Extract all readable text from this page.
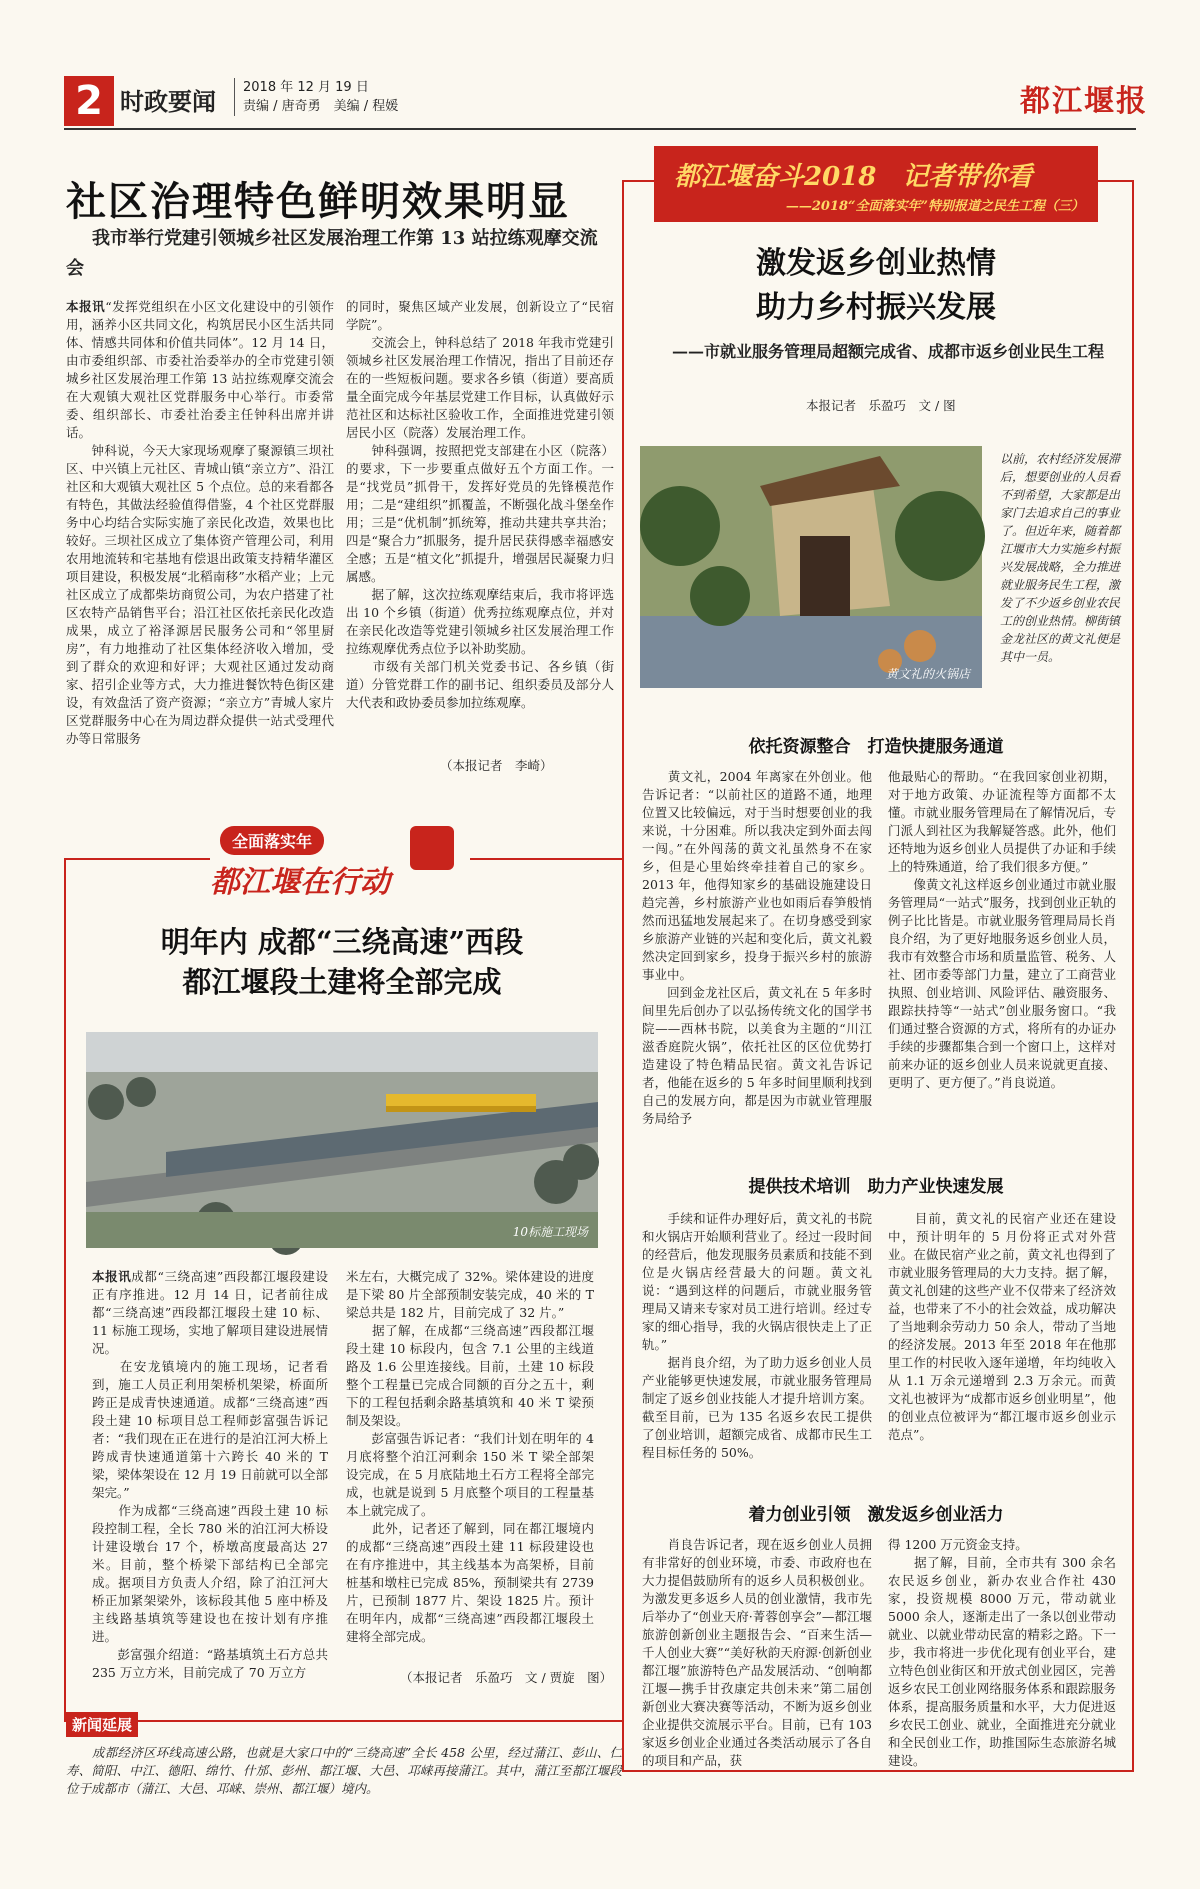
2 时政要闻
2018 年 12 月 19 日
责编 / 唐奇勇　美编 / 程媛	都江堰报
社区治理特色鲜明效果明显
我市举行党建引领城乡社区发展治理工作第 13 站拉练观摩交流会
本报讯“发挥党组织在小区文化建设中的引领作用，涵养小区共同文化，构筑居民小区生活共同体、情感共同体和价值共同体”。12 月 14 日，由市委组织部、市委社治委举办的全市党建引领城乡社区发展治理工作第 13 站拉练观摩交流会在大观镇大观社区党群服务中心举行。市委常委、组织部长、市委社治委主任钟科出席并讲话。
　　钟科说，今天大家现场观摩了聚源镇三坝社区、中兴镇上元社区、青城山镇“亲立方”、沿江社区和大观镇大观社区 5 个点位。总的来看都各有特色，其做法经验值得借鉴，4 个社区党群服务中心均结合实际实施了亲民化改造，效果也比较好。三坝社区成立了集体资产管理公司，利用农用地流转和宅基地有偿退出政策支持精华灌区项目建设，积极发展“北稻南移”水稻产业；上元社区成立了成都柴坊商贸公司，为农户搭建了社区农特产品销售平台；沿江社区依托亲民化改造成果，成立了裕泽源居民服务公司和“邻里厨房”，有力地推动了社区集体经济收入增加，受到了群众的欢迎和好评；大观社区通过发动商家、招引企业等方式，大力推进餐饮特色街区建设，有效盘活了资产资源；“亲立方”青城人家片区党群服务中心在为周边群众提供一站式受理代办等日常服务
的同时，聚焦区域产业发展，创新设立了“民宿学院”。
　　交流会上，钟科总结了 2018 年我市党建引领城乡社区发展治理工作情况，指出了目前还存在的一些短板问题。要求各乡镇（街道）要高质量全面完成今年基层党建工作目标，认真做好示范社区和达标社区验收工作，全面推进党建引领居民小区（院落）发展治理工作。
　　钟科强调，按照把党支部建在小区（院落）的要求，下一步要重点做好五个方面工作。一是“找党员”抓骨干，发挥好党员的先锋模范作用；二是“建组织”抓覆盖，不断强化战斗堡垒作用；三是“优机制”抓统筹，推动共建共享共治；四是“聚合力”抓服务，提升居民获得感幸福感安全感；五是“植文化”抓提升，增强居民凝聚力归属感。
　　据了解，这次拉练观摩结束后，我市将评选出 10 个乡镇（街道）优秀拉练观摩点位，并对在亲民化改造等党建引领城乡社区发展治理工作拉练观摩优秀点位予以补助奖励。
　　市级有关部门机关党委书记、各乡镇（街道）分管党群工作的副书记、组织委员及部分人大代表和政协委员参加拉练观摩。
（本报记者　李崎）
全面落实年
都江堰在行动
明年内 成都“三绕高速”西段
都江堰段土建将全部完成
10标施工现场
本报讯成都“三绕高速”西段都江堰段建设正有序推进。12 月 14 日，记者前往成都“三绕高速”西段都江堰段土建 10 标、11 标施工现场，实地了解项目建设进展情况。
　　在安龙镇境内的施工现场，记者看到，施工人员正利用架桥机架梁，桥面所跨正是成青快速通道。成都“三绕高速”西段土建 10 标项目总工程师彭富强告诉记者：“我们现在正在进行的是泊江河大桥上跨成青快速通道第十六跨长 40 米的 T 梁，梁体架设在 12 月 19 日前就可以全部架完。”
　　作为成都“三绕高速”西段土建 10 标段控制工程，全长 780 米的泊江河大桥设计建设墩台 17 个，桥墩高度最高达 27 米。目前，整个桥梁下部结构已全部完成。据项目方负责人介绍，除了泊江河大桥正加紧架梁外，该标段其他 5 座中桥及主线路基填筑等建设也在按计划有序推进。
　　彭富强介绍道：“路基填筑土石方总共 235 万立方米，目前完成了 70 万立方
米左右，大概完成了 32%。梁体建设的进度是下梁 80 片全部预制安装完成，40 米的 T 梁总共是 182 片，目前完成了 32 片。”
　　据了解，在成都“三绕高速”西段都江堰段土建 10 标段内，包含 7.1 公里的主线道路及 1.6 公里连接线。目前，土建 10 标段整个工程量已完成合同额的百分之五十，剩下的工程包括剩余路基填筑和 40 米 T 梁预制及架设。
　　彭富强告诉记者：“我们计划在明年的 4 月底将整个泊江河剩余 150 米 T 梁全部架设完成，在 5 月底陆地土石方工程将全部完成，也就是说到 5 月底整个项目的工程量基本上就完成了。
　　此外，记者还了解到，同在都江堰境内的成都“三绕高速”西段土建 11 标段建设也在有序推进中，其主线基本为高架桥，目前桩基和墩柱已完成 85%，预制梁共有 2739 片，已预制 1877 片、架设 1825 片。预计在明年内，成都“三绕高速”西段都江堰段土建将全部完成。
（本报记者　乐盈巧　文 / 贾旋　图）
新闻延展
成都经济区环线高速公路，也就是大家口中的“三绕高速”全长 458 公里，经过蒲江、彭山、仁寿、简阳、中江、德阳、绵竹、什邡、彭州、都江堰、大邑、邛崃再接蒲江。其中，蒲江至都江堰段位于成都市（蒲江、大邑、邛崃、崇州、都江堰）境内。
都江堰奋斗2018　记者带你看
——2018“全面落实年”特别报道之民生工程（三）
激发返乡创业热情
助力乡村振兴发展
——市就业服务管理局超额完成省、成都市返乡创业民生工程
本报记者　乐盈巧　文 / 图
黄文礼的火锅店
以前，农村经济发展滞后，想要创业的人员看不到希望，大家都是出家门去追求自己的事业了。但近年来，随着都江堰市大力实施乡村振兴发展战略，全力推进就业服务民生工程，激发了不少返乡创业农民工的创业热情。柳街镇金龙社区的黄文礼便是其中一员。
依托资源整合　打造快捷服务通道
　　黄文礼，2004 年离家在外创业。他告诉记者：“以前社区的道路不通，地理位置又比较偏远，对于当时想要创业的我来说，十分困难。所以我决定到外面去闯一闯。”在外闯荡的黄文礼虽然身不在家乡，但是心里始终牵挂着自己的家乡。2013 年，他得知家乡的基础设施建设日趋完善，乡村旅游产业也如雨后春笋般悄然而迅猛地发展起来了。在切身感受到家乡旅游产业链的兴起和变化后，黄文礼毅然决定回到家乡，投身于振兴乡村的旅游事业中。
　　回到金龙社区后，黄文礼在 5 年多时间里先后创办了以弘扬传统文化的国学书院——西林书院，以美食为主题的“川江滋香庭院火锅”，依托社区的区位优势打造建设了特色精品民宿。黄文礼告诉记者，他能在返乡的 5 年多时间里顺利找到自己的发展方向，都是因为市就业管理服务局给予
他最贴心的帮助。“在我回家创业初期，对于地方政策、办证流程等方面都不太懂。市就业服务管理局在了解情况后，专门派人到社区为我解疑答惑。此外，他们还特地为返乡创业人员提供了办证和手续上的特殊通道，给了我们很多方便。”
　　像黄文礼这样返乡创业通过市就业服务管理局“一站式”服务，找到创业正轨的例子比比皆是。市就业服务管理局局长肖良介绍，为了更好地服务返乡创业人员，我市有效整合市场和质量监管、税务、人社、团市委等部门力量，建立了工商营业执照、创业培训、风险评估、融资服务、跟踪扶持等“一站式”创业服务窗口。“我们通过整合资源的方式，将所有的办证办手续的步骤都集合到一个窗口上，这样对前来办证的返乡创业人员来说就更直接、更明了、更方便了。”肖良说道。
提供技术培训　助力产业快速发展
　　手续和证件办理好后，黄文礼的书院和火锅店开始顺利营业了。经过一段时间的经营后，他发现服务员素质和技能不到位是火锅店经营最大的问题。黄文礼说：“遇到这样的问题后，市就业服务管理局又请来专家对员工进行培训。经过专家的细心指导，我的火锅店很快走上了正轨。”
　　据肖良介绍，为了助力返乡创业人员产业能够更快速发展，市就业服务管理局制定了返乡创业技能人才提升培训方案。截至目前，已为 135 名返乡农民工提供了创业培训，超额完成省、成都市民生工程目标任务的 50%。
　　目前，黄文礼的民宿产业还在建设中，预计明年的 5 月份将正式对外营业。在做民宿产业之前，黄文礼也得到了市就业服务管理局的大力支持。据了解，黄文礼创建的这些产业不仅带来了经济效益，也带来了不小的社会效益，成功解决了当地剩余劳动力 50 余人，带动了当地的经济发展。2013 年至 2018 年在他那里工作的村民收入逐年递增，年均纯收入从 1.1 万余元递增到 2.3 万余元。而黄文礼也被评为“成都市返乡创业明星”，他的创业点位被评为“都江堰市返乡创业示范点”。
着力创业引领　激发返乡创业活力
　　肖良告诉记者，现在返乡创业人员拥有非常好的创业环境，市委、市政府也在大力提倡鼓励所有的返乡人员积极创业。为激发更多返乡人员的创业激情，我市先后举办了“创业天府·菁蓉创享会”—都江堰旅游创新创业主题报告会、“百来生活—千人创业大赛”“美好秋韵天府源·创新创业都江堰”旅游特色产品发展活动、“创响都江堰—携手甘孜康定共创未来”第二届创新创业大赛决赛等活动，不断为返乡创业企业提供交流展示平台。目前，已有 103 家返乡创业企业通过各类活动展示了各自的项目和产品，获
得 1200 万元资金支持。
　　据了解，目前，全市共有 300 余名农民返乡创业，新办农业合作社 430 家，投资规模 8000 万元，带动就业 5000 余人，逐渐走出了一条以创业带动就业、以就业带动民富的精彩之路。下一步，我市将进一步优化现有创业平台，建立特色创业街区和开放式创业园区，完善返乡农民工创业网络服务体系和跟踪服务体系，提高服务质量和水平，大力促进返乡农民工创业、就业，全面推进充分就业和全民创业工作，助推国际生态旅游名城建设。
